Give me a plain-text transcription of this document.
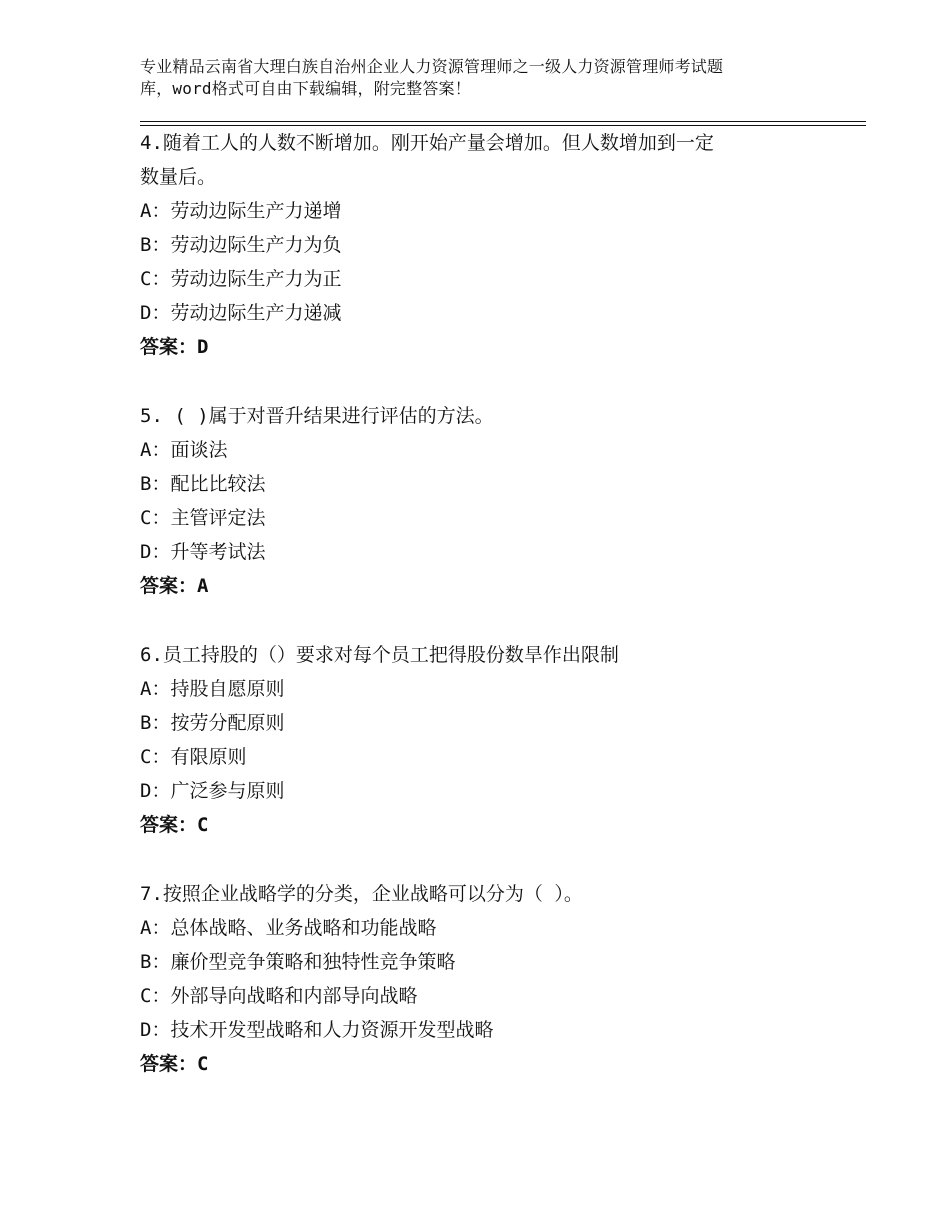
专业精品云南省大理白族自治州企业人力资源管理师之一级人力资源管理师考试题
库，word格式可自由下载编辑，附完整答案！
4.随着工人的人数不断增加。刚开始产量会增加。但人数增加到一定
数量后。
A：劳动边际生产力递增
B：劳动边际生产力为负
C：劳动边际生产力为正
D：劳动边际生产力递减
答案：D
5. ( )属于对晋升结果进行评估的方法。
A：面谈法
B：配比比较法
C：主管评定法
D：升等考试法
答案：A
6.员工持股的（）要求对每个员工把得股份数旱作出限制
A：持股自愿原则
B：按劳分配原则
C：有限原则
D：广泛参与原则
答案：C
7.按照企业战略学的分类，企业战略可以分为（ ）。
A：总体战略、业务战略和功能战略
B：廉价型竞争策略和独特性竞争策略
C：外部导向战略和内部导向战略
D：技术开发型战略和人力资源开发型战略
答案：C
